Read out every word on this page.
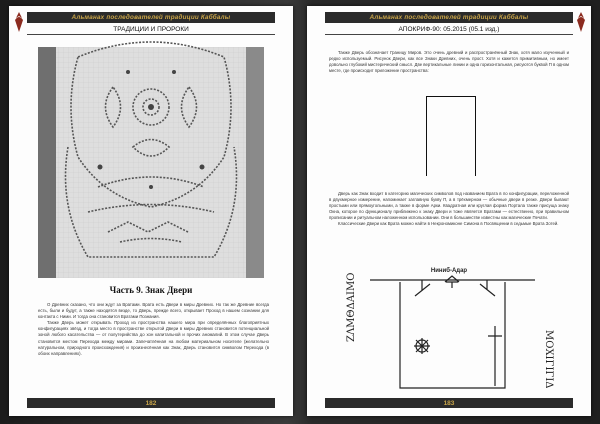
Альманах последователей традиции Каббалы
ТРАДИЦИИ И ПРОРОКИ
Часть 9. Знак Двери

О Древних сказано, что они ждут за Вратами. Врата есть Двери в миры Древних. Но так же Древние всегда есть, были и будут, а также находятся везде, то Дверь, прежде всего, открывает Проход в нашем сознании для контакта с Ними. И тогда она становится Вратами Познания.

Также Дверь может открывать Проход из пространства нашего мира при определённых благоприятных конфигурациях звёзд, и тогда место в пространстве открытой Двери в миры Древних становится потенциальной зоной любого касательства — от полутерийства до хон капитальной и прочих аномалий. В этом случае Дверь становится местом Перехода между мирами. Запечатлённая на любом материальном носителе (желательно натуральном, природного происхождения) и произнесённая как Знак, Дверь становится символом Перехода (в обоих направлениях).

182
Альманах последователей традиции Каббалы
АПОКРИФ-90: 05.2015 (05.1 изд.)

Также Дверь обозначает Границу Миров. Это очень древний и распространённый Знак, хотя мало изученный и редко используемый. Рисунок Двери, как все Знаки Древних, очень прост. Хотя и кажется примитивным, но имеет довольно глубокий мистерический смысл. Две вертикальные линии и одна горизонтальная, рисуются буквой П в одном месте, где происходит приложение пространства:

Дверь как Знак входит в категорию магических символов под названием Врата в по конфигурации, переложенной в двухмерное измерение, напоминает заглавную букву П, а в трёхмерном — обычные двери в резке. Двери бывают простыми или прямоугольными, а также в форме Арки. Квадратная или круглая форма Портала также присуща знаку Окна, которое по функционалу приближено к знаку Двери и тоже является Вратами — естественно, при правильном прописании и ритуальном наложенном использовании. Они в большинстве известны как магические Печати.

Классические Двери как Врата можно найти в Некрономиконе Симона в Посвящении в седьмые Врата Зотей.

Ниниб-Адар
ΖΛΜΘΔΑΙΜΟ
ΜΟΧΙΓΙΓΙΔ
183
